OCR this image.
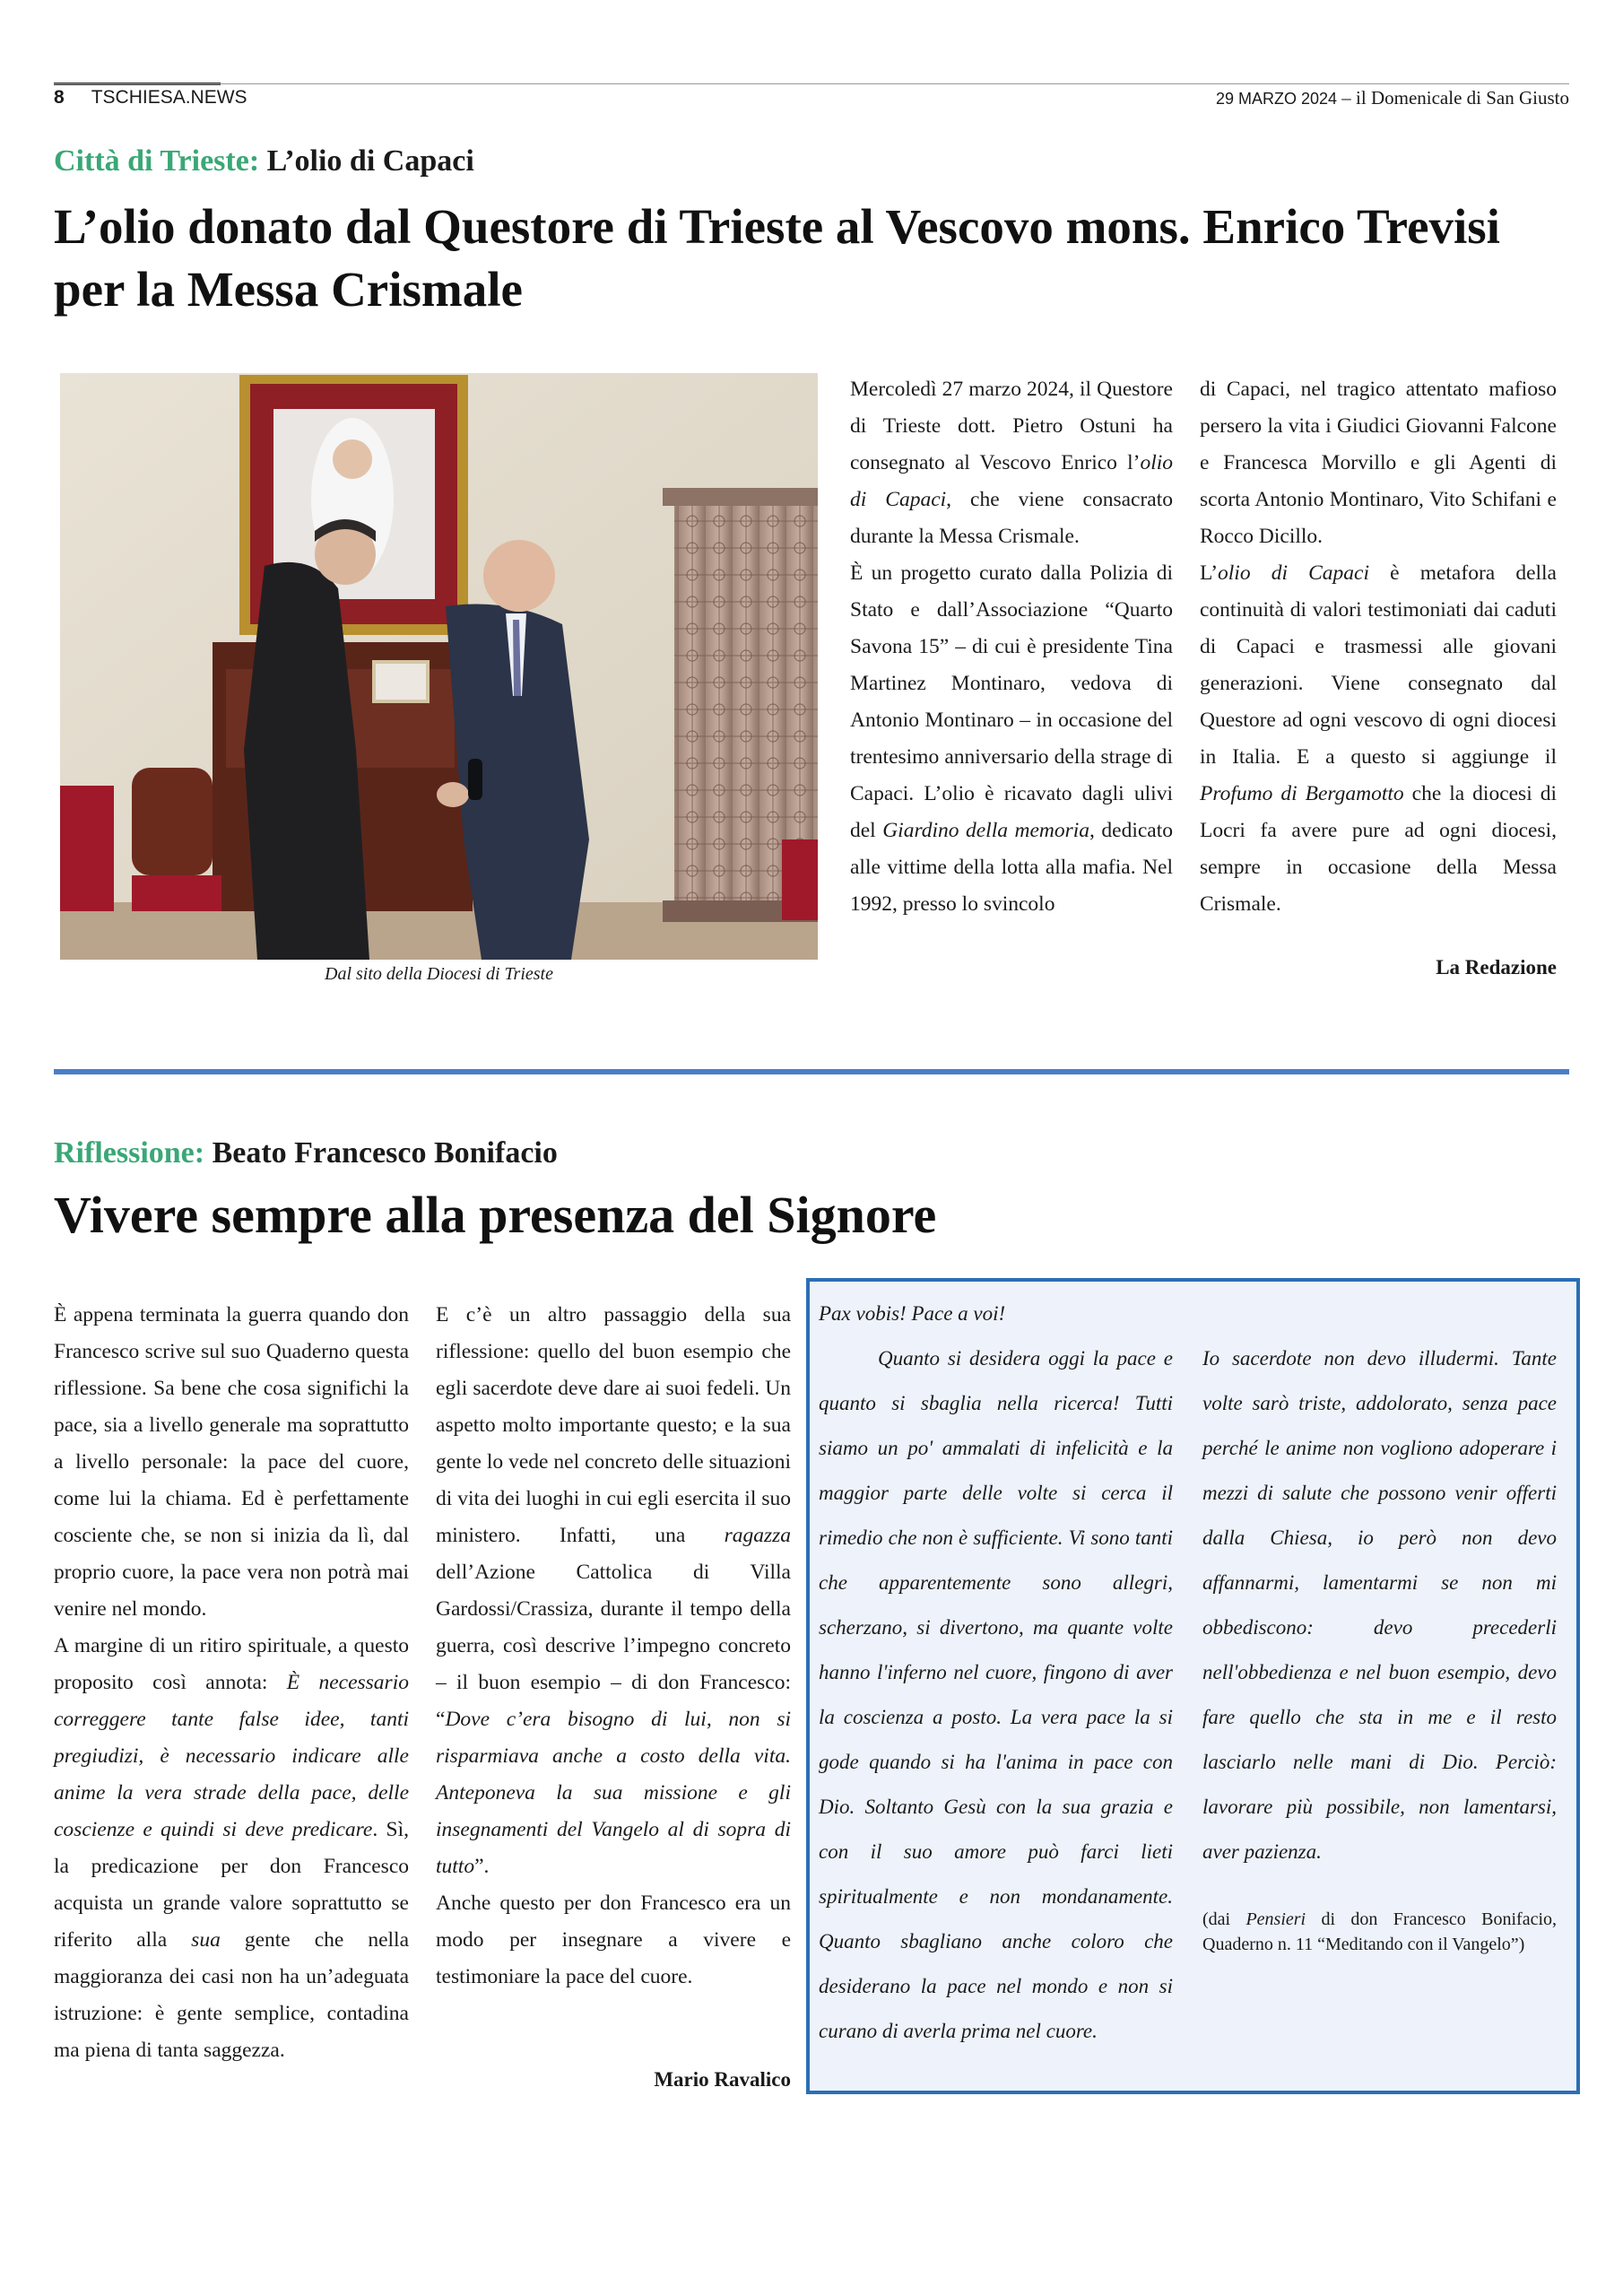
8 TSCHIESA.NEWS	29 MARZO 2024 – il Domenicale di San Giusto
Città di Trieste: L’olio di Capaci
L’olio donato dal Questore di Trieste al Vescovo mons. Enrico Trevisi per la Messa Crismale
Dal sito della Diocesi di Trieste

Mercoledì 27 marzo 2024, il Questore di Trieste dott. Pietro Ostuni ha consegnato al Vescovo Enrico l’olio di Capaci, che viene consacrato durante la Messa Crismale.

È un progetto curato dalla Polizia di Stato e dall’Associazione “Quarto Savona 15” – di cui è presidente Tina Martinez Montinaro, vedova di Antonio Montinaro – in occasione del trentesimo anniversario della strage di Capaci. L’olio è ricavato dagli ulivi del Giardino della memoria, dedicato alle vittime della lotta alla mafia. Nel 1992, presso lo svincolo

di Capaci, nel tragico attentato mafioso persero la vita i Giudici Giovanni Falcone e Francesca Morvillo e gli Agenti di scorta Antonio Montinaro, Vito Schifani e Rocco Dicillo.

L’olio di Capaci è metafora della continuità di valori testimoniati dai caduti di Capaci e trasmessi alle giovani generazioni. Viene consegnato dal Questore ad ogni vescovo di ogni diocesi in Italia. E a questo si aggiunge il Profumo di Bergamotto che la diocesi di Locri fa avere pure ad ogni diocesi, sempre in occasione della Messa Crismale.

La Redazione
Riflessione: Beato Francesco Bonifacio
Vivere sempre alla presenza del Signore

È appena terminata la guerra quando don Francesco scrive sul suo Quaderno questa riflessione. Sa bene che cosa significhi la pace, sia a livello generale ma soprattutto a livello personale: la pace del cuore, come lui la chiama. Ed è perfettamente cosciente che, se non si inizia da lì, dal proprio cuore, la pace vera non potrà mai venire nel mondo.

A margine di un ritiro spirituale, a questo proposito così annota: È necessario correggere tante false idee, tanti pregiudizi, è necessario indicare alle anime la vera strade della pace, delle coscienze e quindi si deve predicare. Sì, la predicazione per don Francesco acquista un grande valore soprattutto se riferito alla sua gente che nella maggioranza dei casi non ha un’adeguata istruzione: è gente semplice, contadina ma piena di tanta saggezza.

E c’è un altro passaggio della sua riflessione: quello del buon esempio che egli sacerdote deve dare ai suoi fedeli. Un aspetto molto importante questo; e la sua gente lo vede nel concreto delle situazioni di vita dei luoghi in cui egli esercita il suo ministero. Infatti, una ragazza dell’Azione Cattolica di Villa Gardossi/Crassiza, durante il tempo della guerra, così descrive l’impegno concreto – il buon esempio – di don Francesco: “Dove c’era bisogno di lui, non si risparmiava anche a costo della vita. Anteponeva la sua missione e gli insegnamenti del Vangelo al di sopra di tutto”.

Anche questo per don Francesco era un modo per insegnare a vivere e testimoniare la pace del cuore.

Mario Ravalico

Pax vobis! Pace a voi!

Quanto si desidera oggi la pace e quanto si sbaglia nella ricerca! Tutti siamo un po' ammalati di infelicità e la maggior parte delle volte si cerca il rimedio che non è sufficiente. Vi sono tanti che apparentemente sono allegri, scherzano, si divertono, ma quante volte hanno l'inferno nel cuore, fingono di aver la coscienza a posto. La vera pace la si gode quando si ha l'anima in pace con Dio. Soltanto Gesù con la sua grazia e con il suo amore può farci lieti spiritualmente e non mondanamente. Quanto sbagliano anche coloro che desiderano la pace nel mondo e non si curano di averla prima nel cuore.

Io sacerdote non devo illudermi. Tante volte sarò triste, addolorato, senza pace perché le anime non vogliono adoperare i mezzi di salute che possono venir offerti dalla Chiesa, io però non devo affannarmi, lamentarmi se non mi obbediscono: devo precederli nell'obbedienza e nel buon esempio, devo fare quello che sta in me e il resto lasciarlo nelle mani di Dio. Perciò: lavorare più possibile, non lamentarsi, aver pazienza.

(dai Pensieri di don Francesco Bonifacio, Quaderno n. 11 “Meditando con il Vangelo”)
